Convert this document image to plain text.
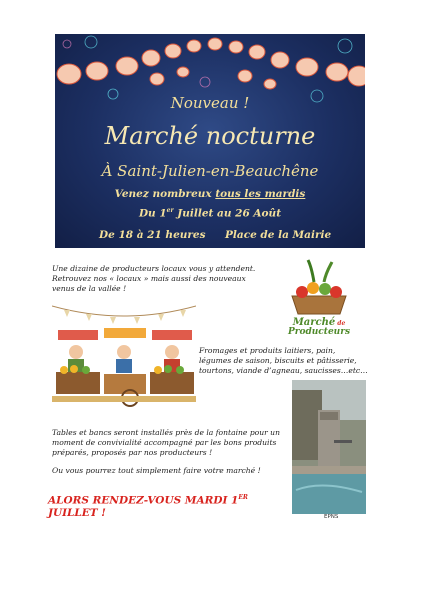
Nouveau !
Marché nocturne
À Saint-Julien-en-Beauchêne
Venez nombreux tous les mardis
Du 1er Juillet au 26 Août
De 18 à 21 heures Place de la Mairie
Une dizaine de producteurs locaux vous y attendent. Retrouvez nos « locaux » mais aussi des nouveaux venus de la vallée !
Marché de
Producteurs
Fromages et produits laitiers, pain, légumes de saison, biscuits et pâtisserie, tourtons, viande d’agneau, saucisses…etc…
Tables et bancs seront installés près de la fontaine pour un moment de convivialité accompagné par les bons produits préparés, proposés par nos producteurs !
Ou vous pourrez tout simplement faire votre marché !
ALORS RENDEZ-VOUS MARDI 1ER JUILLET !	EPNS
